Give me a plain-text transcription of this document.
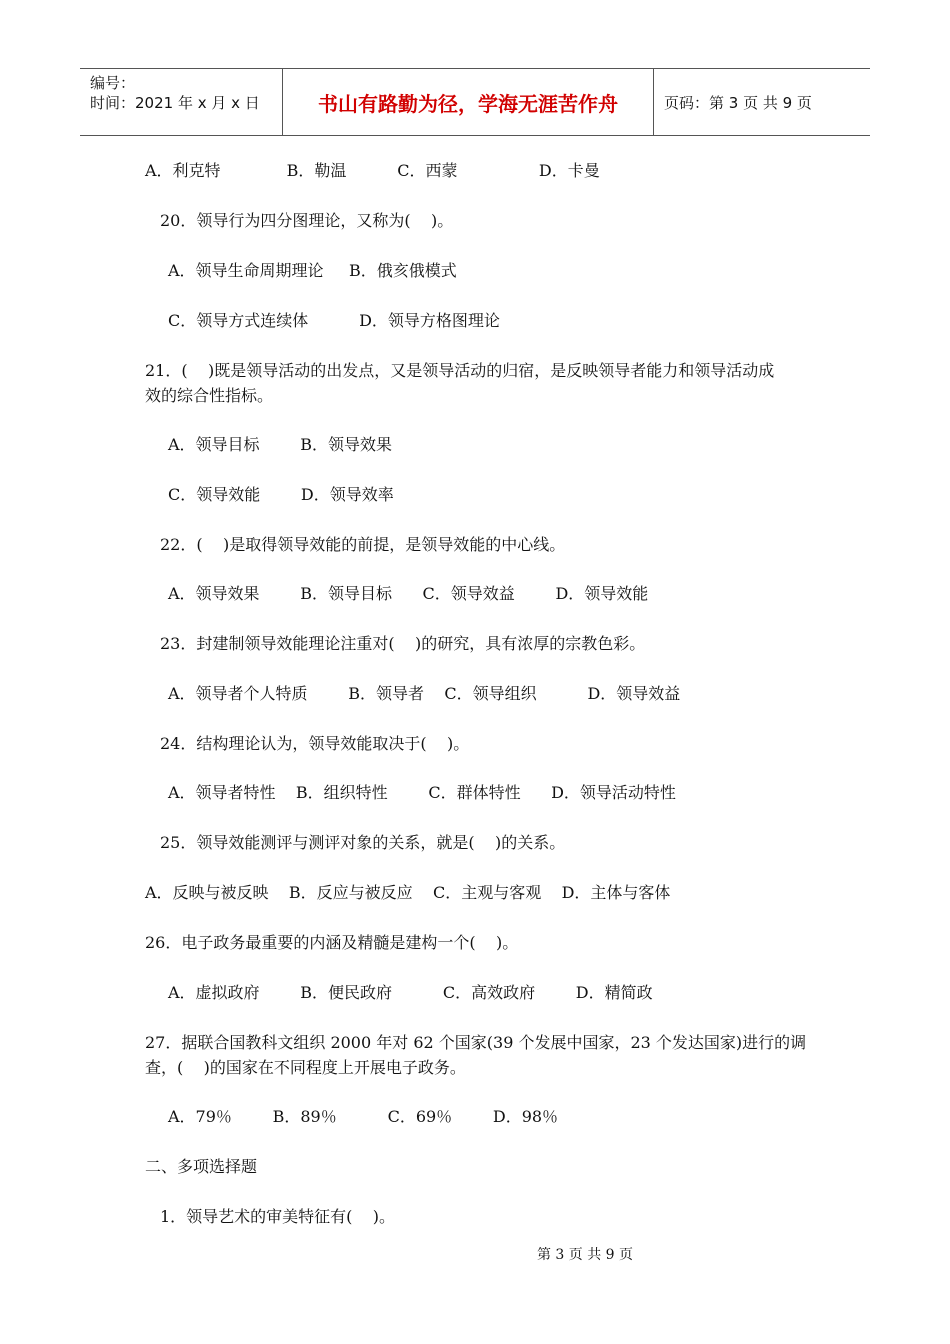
编号：
时间：2021 年 x 月 x 日	书山有路勤为径，学海无涯苦作舟	页码：第 3 页 共 9 页
A．利克特             B．勒温          C．西蒙                D．卡曼
20．领导行为四分图理论，又称为(    )。
A．领导生命周期理论     B．俄亥俄模式
C．领导方式连续体          D．领导方格图理论
21．(    )既是领导活动的出发点，又是领导活动的归宿，是反映领导者能力和领导活动成
效的综合性指标。
A．领导目标        B．领导效果
C．领导效能        D．领导效率
22．(    )是取得领导效能的前提，是领导效能的中心线。
A．领导效果        B．领导目标      C．领导效益        D．领导效能
23．封建制领导效能理论注重对(    )的研究，具有浓厚的宗教色彩。
A．领导者个人特质        B．领导者    C．领导组织          D．领导效益
24．结构理论认为，领导效能取决于(    )。
A．领导者特性    B．组织特性        C．群体特性      D．领导活动特性
25．领导效能测评与测评对象的关系，就是(    )的关系。
A．反映与被反映    B．反应与被反应    C．主观与客观    D．主体与客体
26．电子政务最重要的内涵及精髓是建构一个(    )。
A．虚拟政府        B．便民政府          C．高效政府        D．精简政
27．据联合国教科文组织 2000 年对 62 个国家(39 个发展中国家，23 个发达国家)进行的调
查，(    )的国家在不同程度上开展电子政务。
A．79％        B．89％          C．69％        D．98％
二、多项选择题
1．领导艺术的审美特征有(    )。
第 3 页 共 9 页
